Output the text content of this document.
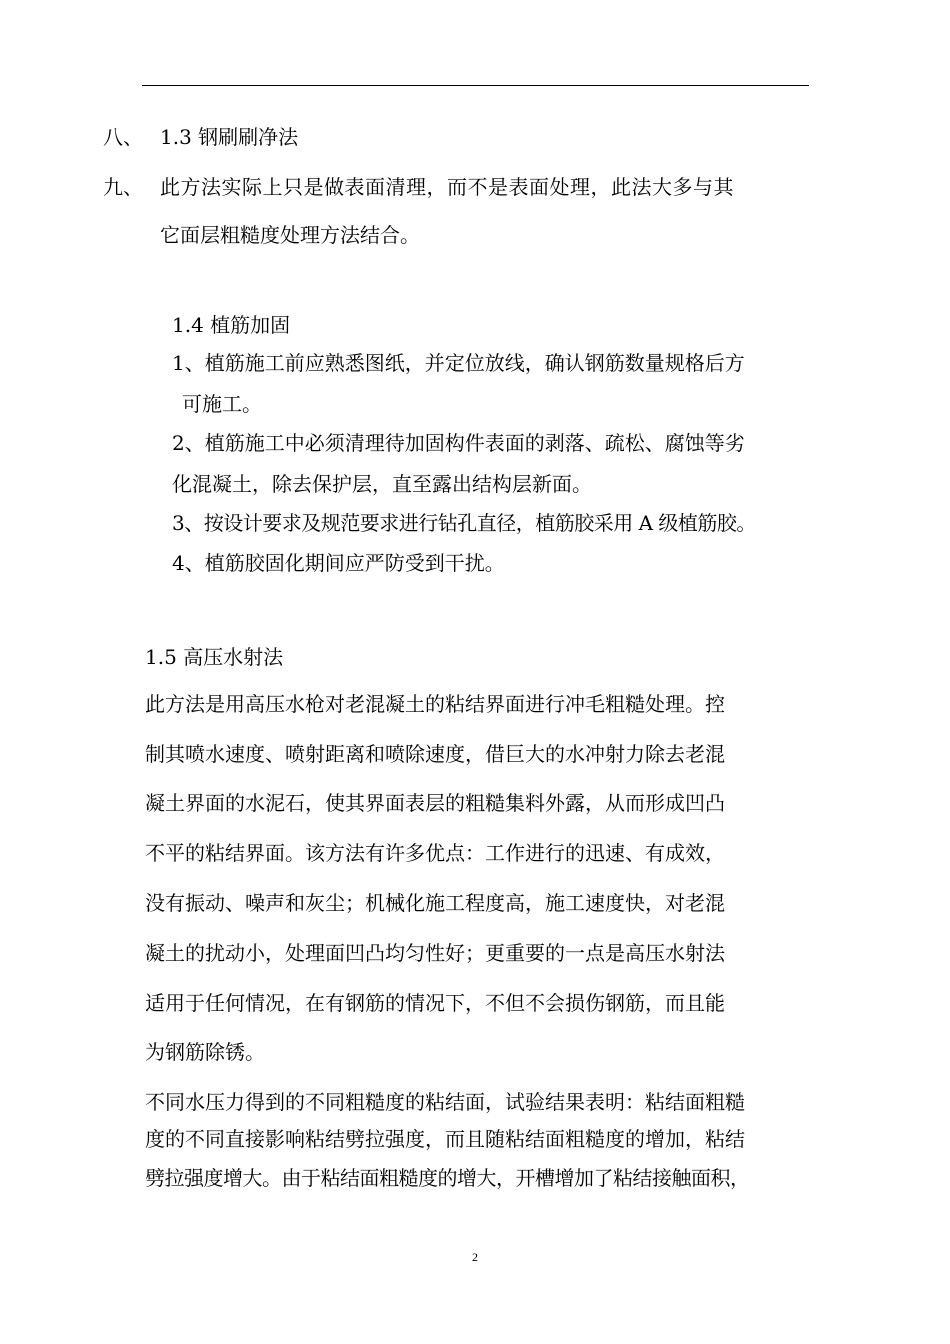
八、 1.3 钢刷刷净法
九、 此方法实际上只是做表面清理，而不是表面处理，此法大多与其
它面层粗糙度处理方法结合。
1.4 植筋加固
1、植筋施工前应熟悉图纸，并定位放线，确认钢筋数量规格后方
可施工。
2、植筋施工中必须清理待加固构件表面的剥落、疏松、腐蚀等劣
化混凝土，除去保护层，直至露出结构层新面。
3、按设计要求及规范要求进行钻孔直径，植筋胶采用 A 级植筋胶。
4、植筋胶固化期间应严防受到干扰。
1.5 高压水射法
此方法是用高压水枪对老混凝土的粘结界面进行冲毛粗糙处理。控
制其喷水速度、喷射距离和喷除速度，借巨大的水冲射力除去老混
凝土界面的水泥石，使其界面表层的粗糙集料外露，从而形成凹凸
不平的粘结界面。该方法有许多优点：工作进行的迅速、有成效，
没有振动、噪声和灰尘；机械化施工程度高，施工速度快，对老混
凝土的扰动小，处理面凹凸均匀性好；更重要的一点是高压水射法
适用于任何情况，在有钢筋的情况下，不但不会损伤钢筋，而且能
为钢筋除锈。
不同水压力得到的不同粗糙度的粘结面，试验结果表明：粘结面粗糙
度的不同直接影响粘结劈拉强度，而且随粘结面粗糙度的增加，粘结
劈拉强度增大。由于粘结面粗糙度的增大，开槽增加了粘结接触面积，
2
